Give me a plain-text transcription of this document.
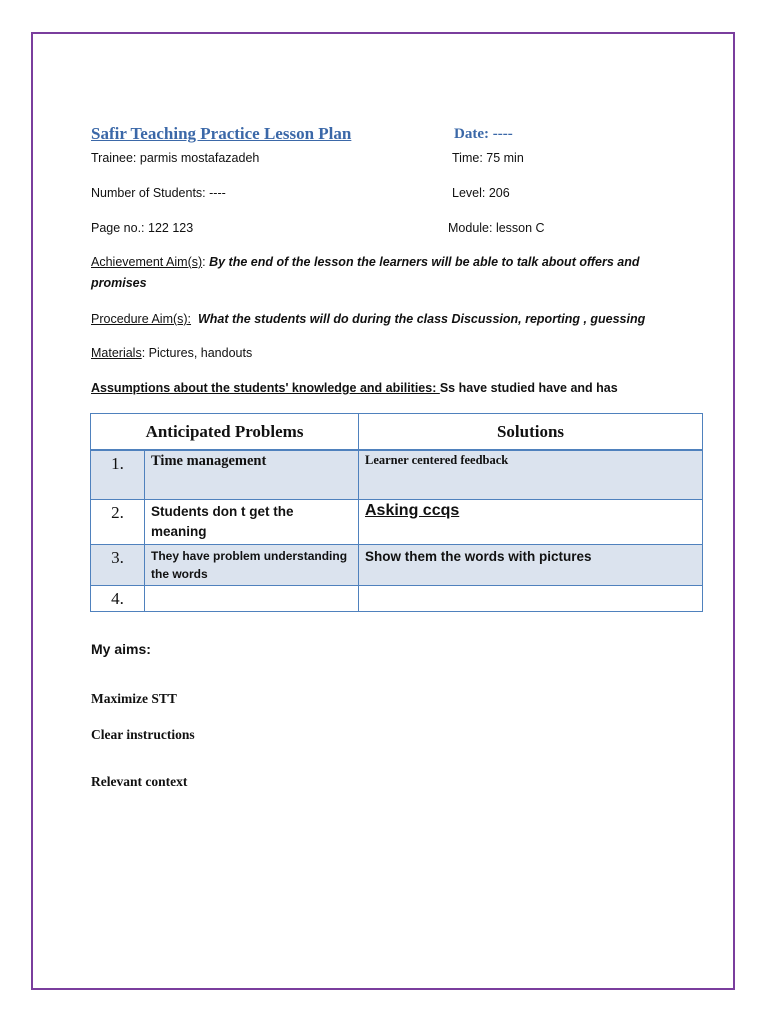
Safir Teaching Practice Lesson Plan	Date: ----
Trainee: parmis mostafazadeh	Time: 75 min
Number of Students: ----	Level: 206
Page no.: 122 123	Module: lesson C
Achievement Aim(s): By the end of the lesson the learners will be able to talk about offers and promises
Procedure Aim(s): What the students will do during the class Discussion, reporting , guessing
Materials: Pictures, handouts
Assumptions about the students' knowledge and abilities: Ss have studied have and has
Anticipated Problems		Solutions
1.	Time management	Learner centered feedback
2.	Students don t get the meaning	Asking ccqs
3.	They have problem understanding the words	Show them the words with pictures
4.		
My aims:
Maximize STT
Clear instructions
Relevant context
